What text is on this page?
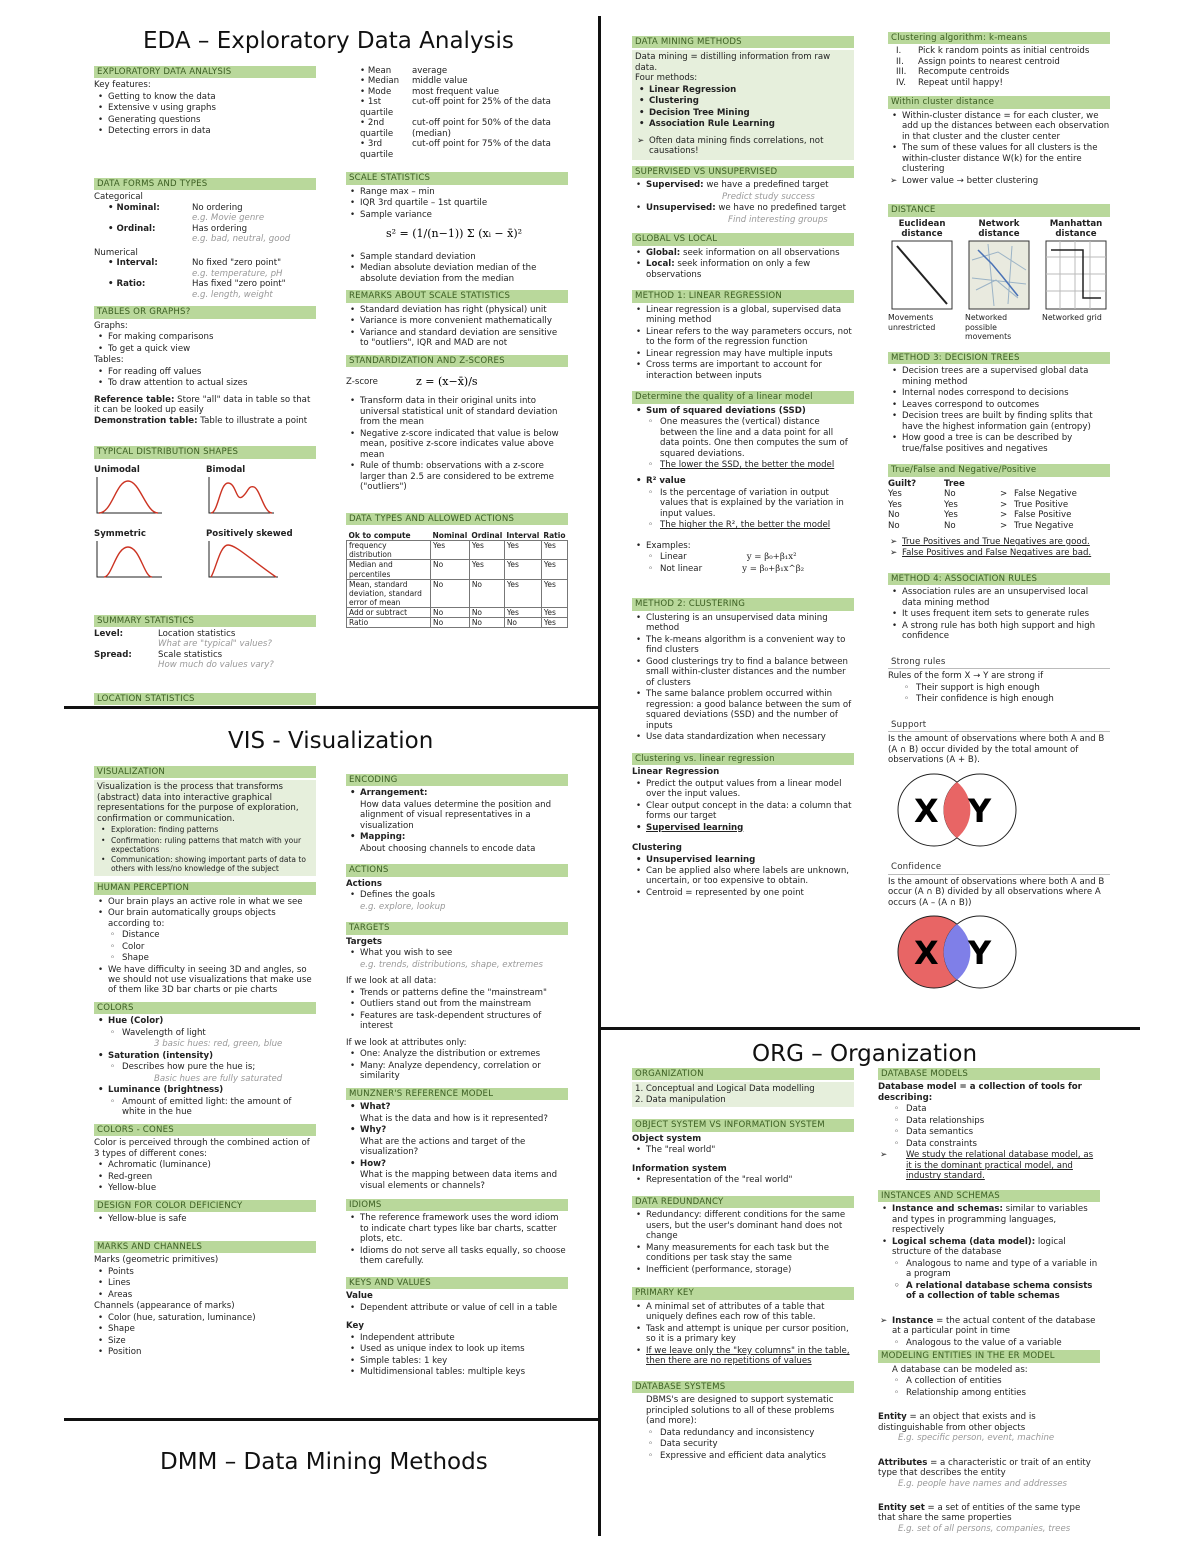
EDA – Exploratory Data Analysis
VIS - Visualization
DMM – Data Mining Methods
ORG – Organization
EXPLORATORY DATA ANALYSIS
Key features:
• Getting to know the data
• Extensive v using graphs
• Generating questions
• Detecting errors in data
DATA FORMS AND TYPES
Categorical
• Nominal:	No ordering
e.g. Movie genre
• Ordinal:	Has ordering
e.g. bad, neutral, good
Numerical
• Interval:	No fixed "zero point"
e.g. temperature, pH
• Ratio:	Has fixed "zero point"
e.g. length, weight
TABLES OR GRAPHS?
Graphs:
• For making comparisons
• To get a quick view
Tables:
• For reading off values
• To draw attention to actual sizes
Reference table: Store "all" data in table so that it can be looked up easily
Demonstration table: Table to illustrate a point
TYPICAL DISTRIBUTION SHAPES
Unimodal	Bimodal
Symmetric	Positively skewed
SUMMARY STATISTICS
Level:	Location statistics
What are "typical" values?
Spread:	Scale statistics
How much do values vary?
LOCATION STATISTICS
• Mean	average
• Median	middle value
• Mode	most frequent value
• 1st quartile
cut-off point for 25% of the data
• 2nd quartile
cut-off point for 50% of the data (median)
• 3rd quartile
cut-off point for 75% of the data
SCALE STATISTICS
• Range max – min
• IQR 3rd quartile – 1st quartile
• Sample variance
s² = (1/(n−1)) Σ (xᵢ − x̄)²
• Sample standard deviation
• Median absolute deviation median of the absolute deviation from the median
REMARKS ABOUT SCALE STATISTICS
• Standard deviation has right (physical) unit
• Variance is more convenient mathematically
• Variance and standard deviation are sensitive to "outliers", IQR and MAD are not
STANDARDIZATION AND Z-SCORES
Z-score	z = (x−x̄)/s
• Transform data in their original units into universal statistical unit of standard deviation from the mean
• Negative z-score indicated that value is below mean, positive z-score indicates value above mean
• Rule of thumb: observations with a z-score larger than 2.5 are considered to be extreme ("outliers")
DATA TYPES AND ALLOWED ACTIONS
Ok to compute	Nominal	Ordinal	Interval	Ratio
frequency distribution	Yes	Yes	Yes	Yes
Median and percentiles	No	Yes	Yes	Yes
Mean, standard deviation, standard error of mean	No	No	Yes	Yes
Add or subtract	No	No	Yes	Yes
Ratio	No	No	No	Yes
VISUALIZATION
Visualization is the process that transforms (abstract) data into interactive graphical representations for the purpose of exploration, confirmation or communication.
• Exploration: finding patterns
• Confirmation: ruling patterns that match with your expectations
• Communication: showing important parts of data to others with less/no knowledge of the subject
HUMAN PERCEPTION
• Our brain plays an active role in what we see
• Our brain automatically groups objects according to:
◦ Distance
◦ Color
◦ Shape
• We have difficulty in seeing 3D and angles, so we should not use visualizations that make use of them like 3D bar charts or pie charts
COLORS
• Hue (Color)
◦ Wavelength of light
3 basic hues: red, green, blue
• Saturation (intensity)
◦ Describes how pure the hue is;
Basic hues are fully saturated
• Luminance (brightness)
◦ Amount of emitted light: the amount of white in the hue
COLORS - CONES
Color is perceived through the combined action of 3 types of different cones:
• Achromatic (luminance)
• Red-green
• Yellow-blue
DESIGN FOR COLOR DEFICIENCY
• Yellow-blue is safe
MARKS AND CHANNELS
Marks (geometric primitives)
• Points
• Lines
• Areas
Channels (appearance of marks)
• Color (hue, saturation, luminance)
• Shape
• Size
• Position
ENCODING
• Arrangement:
How data values determine the position and alignment of visual representatives in a visualization
• Mapping:
About choosing channels to encode data
ACTIONS
Actions
• Defines the goals
e.g. explore, lookup
TARGETS
Targets
• What you wish to see
e.g. trends, distributions, shape, extremes
If we look at all data:
• Trends or patterns define the "mainstream"
• Outliers stand out from the mainstream
• Features are task-dependent structures of interest
If we look at attributes only:
• One: Analyze the distribution or extremes
• Many: Analyze dependency, correlation or similarity
MUNZNER'S REFERENCE MODEL
• What?
What is the data and how is it represented?
• Why?
What are the actions and target of the visualization?
• How?
What is the mapping between data items and visual elements or channels?
IDIOMS
• The reference framework uses the word idiom to indicate chart types like bar charts, scatter plots, etc.
• Idioms do not serve all tasks equally, so choose them carefully.
KEYS AND VALUES
Value
• Dependent attribute or value of cell in a table
Key
• Independent attribute
• Used as unique index to look up items
• Simple tables: 1 key
• Multidimensional tables: multiple keys
DATA MINING METHODS
Data mining = distilling information from raw data.
Four methods:
• Linear Regression
• Clustering
• Decision Tree Mining
• Association Rule Learning
➢ Often data mining finds correlations, not causations!
SUPERVISED VS UNSUPERVISED
• Supervised: we have a predefined target
Predict study success
• Unsupervised: we have no predefined target
Find interesting groups
GLOBAL VS LOCAL
• Global: seek information on all observations
• Local: seek information on only a few observations
METHOD 1: LINEAR REGRESSION
• Linear regression is a global, supervised data mining method
• Linear refers to the way parameters occurs, not to the form of the regression function
• Linear regression may have multiple inputs
• Cross terms are important to account for interaction between inputs
Determine the quality of a linear model
• Sum of squared deviations (SSD)
◦ One measures the (vertical) distance between the line and a data point for all data points. One then computes the sum of squared deviations.
◦ The lower the SSD, the better the model
• R² value
◦ Is the percentage of variation in output values that is explained by the variation in input values.
◦ The higher the R², the better the model
• Examples:
◦ Linear	y = β₀+β₁x²
◦ Not linear	y = β₀+β₁x^β₂
METHOD 2: CLUSTERING
• Clustering is an unsupervised data mining method
• The k-means algorithm is a convenient way to find clusters
• Good clusterings try to find a balance between small within-cluster distances and the number of clusters
• The same balance problem occurred within regression: a good balance between the sum of squared deviations (SSD) and the number of inputs
• Use data standardization when necessary
Clustering vs. linear regression
Linear Regression
• Predict the output values from a linear model over the input values.
• Clear output concept in the data: a column that forms our target
• Supervised learning
Clustering
• Unsupervised learning
• Can be applied also where labels are unknown, uncertain, or too expensive to obtain.
• Centroid = represented by one point
Clustering algorithm: k-means
I.	Pick k random points as initial centroids
II.	Assign points to nearest centroid
III.	Recompute centroids
IV.	Repeat until happy!
Within cluster distance
• Within-cluster distance = for each cluster, we add up the distances between each observation in that cluster and the cluster center
• The sum of these values for all clusters is the within-cluster distance W(k) for the entire clustering
➢ Lower value → better clustering
DISTANCE
Euclidean distance
Network distance
Manhattan distance
Movements unrestricted
Networked possible movements
Networked grid
METHOD 3: DECISION TREES
• Decision trees are a supervised global data mining method
• Internal nodes correspond to decisions
• Leaves correspond to outcomes
• Decision trees are built by finding splits that have the highest information gain (entropy)
• How good a tree is can be described by true/false positives and negatives
True/False and Negative/Positive
Guilt?	Tree
Yes	No	> False Negative
Yes	Yes	> True Positive
No	Yes	> False Positive
No	No	> True Negative
➢ True Positives and True Negatives are good.
➢ False Positives and False Negatives are bad.
METHOD 4: ASSOCIATION RULES
• Association rules are an unsupervised local data mining method
• It uses frequent item sets to generate rules
• A strong rule has both high support and high confidence
Strong rules
Rules of the form X → Y are strong if
◦ Their support is high enough
◦ Their confidence is high enough
Support
Is the amount of observations where both A and B (A ∩ B) occur divided by the total amount of observations (A + B).
X Y
Confidence
Is the amount of observations where both A and B occur (A ∩ B) divided by all observations where A occurs (A – (A ∩ B))
X Y
ORGANIZATION
1. Conceptual and Logical Data modelling
2. Data manipulation
OBJECT SYSTEM VS INFORMATION SYSTEM
Object system
• The "real world"
Information system
• Representation of the "real world"
DATA REDUNDANCY
• Redundancy: different conditions for the same users, but the user's dominant hand does not change
• Many measurements for each task but the conditions per task stay the same
• Inefficient (performance, storage)
PRIMARY KEY
• A minimal set of attributes of a table that uniquely defines each row of this table.
• Task and attempt is unique per cursor position, so it is a primary key
• If we leave only the "key columns" in the table, then there are no repetitions of values
DATABASE SYSTEMS
DBMS's are designed to support systematic principled solutions to all of these problems (and more):
◦ Data redundancy and inconsistency
◦ Data security
◦ Expressive and efficient data analytics
DATABASE MODELS
Database model = a collection of tools for describing:
◦ Data
◦ Data relationships
◦ Data semantics
◦ Data constraints
➢ We study the relational database model, as it is the dominant practical model, and industry standard.
INSTANCES AND SCHEMAS
• Instance and schemas: similar to variables and types in programming languages, respectively
• Logical schema (data model): logical structure of the database
◦ Analogous to name and type of a variable in a program
◦ A relational database schema consists of a collection of table schemas
➢ Instance = the actual content of the database at a particular point in time
◦ Analogous to the value of a variable
MODELING ENTITIES IN THE ER MODEL
A database can be modeled as:
◦ A collection of entities
◦ Relationship among entities
Entity = an object that exists and is distinguishable from other objects
E.g. specific person, event, machine
Attributes = a characteristic or trait of an entity type that describes the entity
E.g. people have names and addresses
Entity set = a set of entities of the same type that share the same properties
E.g. set of all persons, companies, trees
